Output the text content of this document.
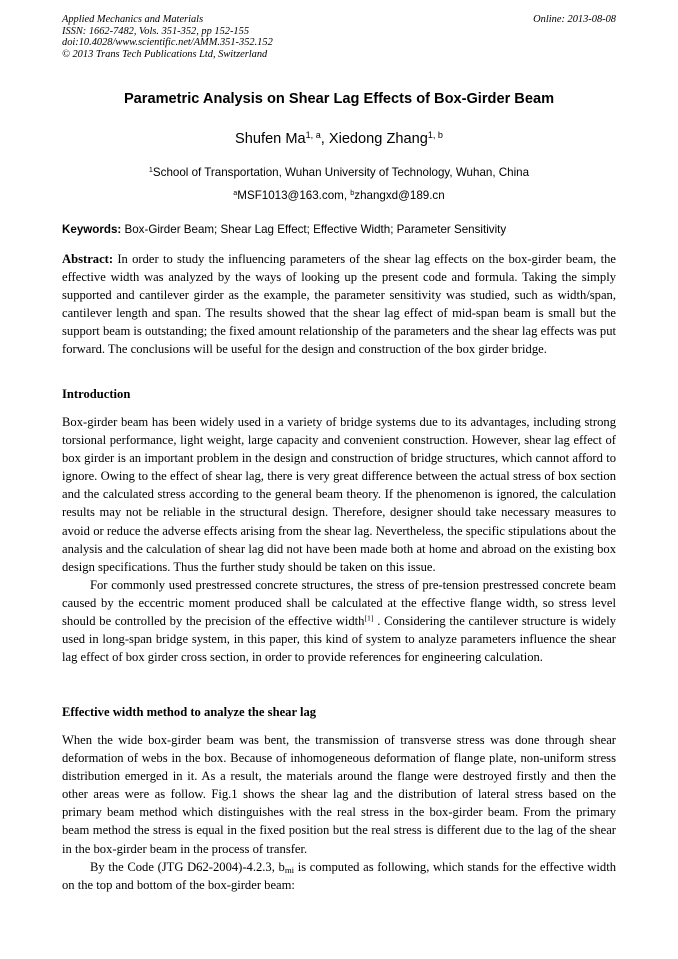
Applied Mechanics and Materials
ISSN: 1662-7482, Vols. 351-352, pp 152-155
doi:10.4028/www.scientific.net/AMM.351-352.152
© 2013 Trans Tech Publications Ltd, Switzerland
Online: 2013-08-08
Parametric Analysis on Shear Lag Effects of Box-Girder Beam
Shufen Ma$^{1, a}$, Xiedong Zhang$^{1, b}$
$^1$School of Transportation, Wuhan University of Technology, Wuhan, China
$^a$MSF1013@163.com, $^b$zhangxd@189.cn
Keywords: Box-Girder Beam; Shear Lag Effect; Effective Width; Parameter Sensitivity

Abstract: In order to study the influencing parameters of the shear lag effects on the box-girder beam, the effective width was analyzed by the ways of looking up the present code and formula. Taking the simply supported and cantilever girder as the example, the parameter sensitivity was studied, such as width/span, cantilever length and span. The results showed that the shear lag effect of mid-span beam is small but the support beam is outstanding; the fixed amount relationship of the parameters and the shear lag effects was put forward. The conclusions will be useful for the design and construction of the box girder bridge.

Introduction

Box-girder beam has been widely used in a variety of bridge systems due to its advantages, including strong torsional performance, light weight, large capacity and convenient construction. However, shear lag effect of box girder is an important problem in the design and construction of bridge structures, which cannot afford to ignore. Owing to the effect of shear lag, there is very great difference between the actual stress of box section and the calculated stress according to the general beam theory. If the phenomenon is ignored, the calculation results may not be reliable in the structural design. Therefore, designer should take necessary measures to avoid or reduce the adverse effects arising from the shear lag. Nevertheless, the specific stipulations about the analysis and the calculation of shear lag did not have been made both at home and abroad on the existing box design specifications. Thus the further study should be taken on this issue.

For commonly used prestressed concrete structures, the stress of pre-tension prestressed concrete beam caused by the eccentric moment produced shall be calculated at the effective flange width, so stress level should be controlled by the precision of the effective width[1] . Considering the cantilever structure is widely used in long-span bridge system, in this paper, this kind of system to analyze parameters influence the shear lag effect of box girder cross section, in order to provide references for engineering calculation.

Effective width method to analyze the shear lag

When the wide box-girder beam was bent, the transmission of transverse stress was done through shear deformation of webs in the box. Because of inhomogeneous deformation of flange plate, non-uniform stress distribution emerged in it. As a result, the materials around the flange were destroyed firstly and then the other areas were as follow. Fig.1 shows the shear lag and the distribution of lateral stress based on the primary beam method which distinguishes with the real stress in the box-girder beam. From the primary beam method the stress is equal in the fixed position but the real stress is different due to the lag of the shear in the box-girder beam in the process of transfer.

By the Code (JTG D62-2004)-4.2.3, $b_{mi}$ is computed as following, which stands for the effective width on the top and bottom of the box-girder beam:
